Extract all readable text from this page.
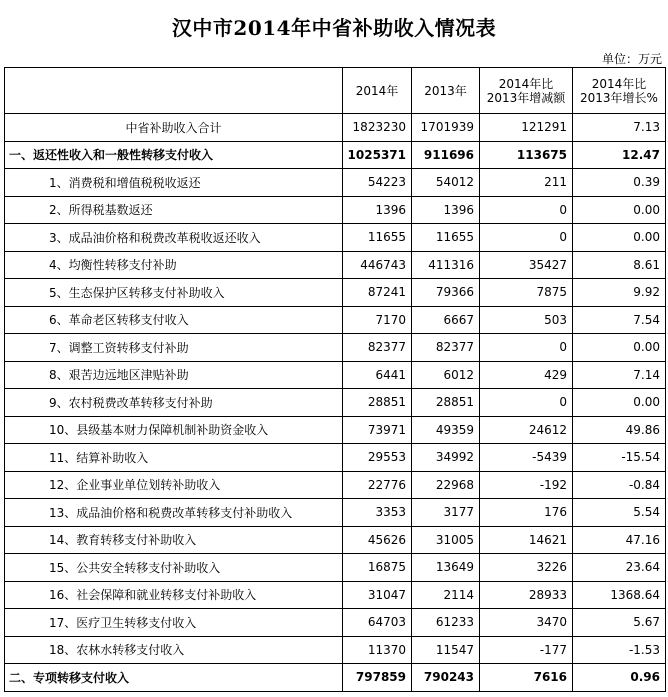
汉中市2014年中省补助收入情况表
单位：万元
	2014年	2013年	2014年比2013年增减额	2014年比2013年增长%
中省补助收入合计	1823230	1701939	121291	7.13
一、返还性收入和一般性转移支付收入	1025371	911696	113675	12.47
1、消费税和增值税税收返还	54223	54012	211	0.39
2、所得税基数返还	1396	1396	0	0.00
3、成品油价格和税费改革税收返还收入	11655	11655	0	0.00
4、均衡性转移支付补助	446743	411316	35427	8.61
5、生态保护区转移支付补助收入	87241	79366	7875	9.92
6、革命老区转移支付收入	7170	6667	503	7.54
7、调整工资转移支付补助	82377	82377	0	0.00
8、艰苦边远地区津贴补助	6441	6012	429	7.14
9、农村税费改革转移支付补助	28851	28851	0	0.00
10、县级基本财力保障机制补助资金收入	73971	49359	24612	49.86
11、结算补助收入	29553	34992	-5439	-15.54
12、企业事业单位划转补助收入	22776	22968	-192	-0.84
13、成品油价格和税费改革转移支付补助收入	3353	3177	176	5.54
14、教育转移支付补助收入	45626	31005	14621	47.16
15、公共安全转移支付补助收入	16875	13649	3226	23.64
16、社会保障和就业转移支付补助收入	31047	2114	28933	1368.64
17、医疗卫生转移支付收入	64703	61233	3470	5.67
18、农林水转移支付收入	11370	11547	-177	-1.53
二、专项转移支付收入	797859	790243	7616	0.96
